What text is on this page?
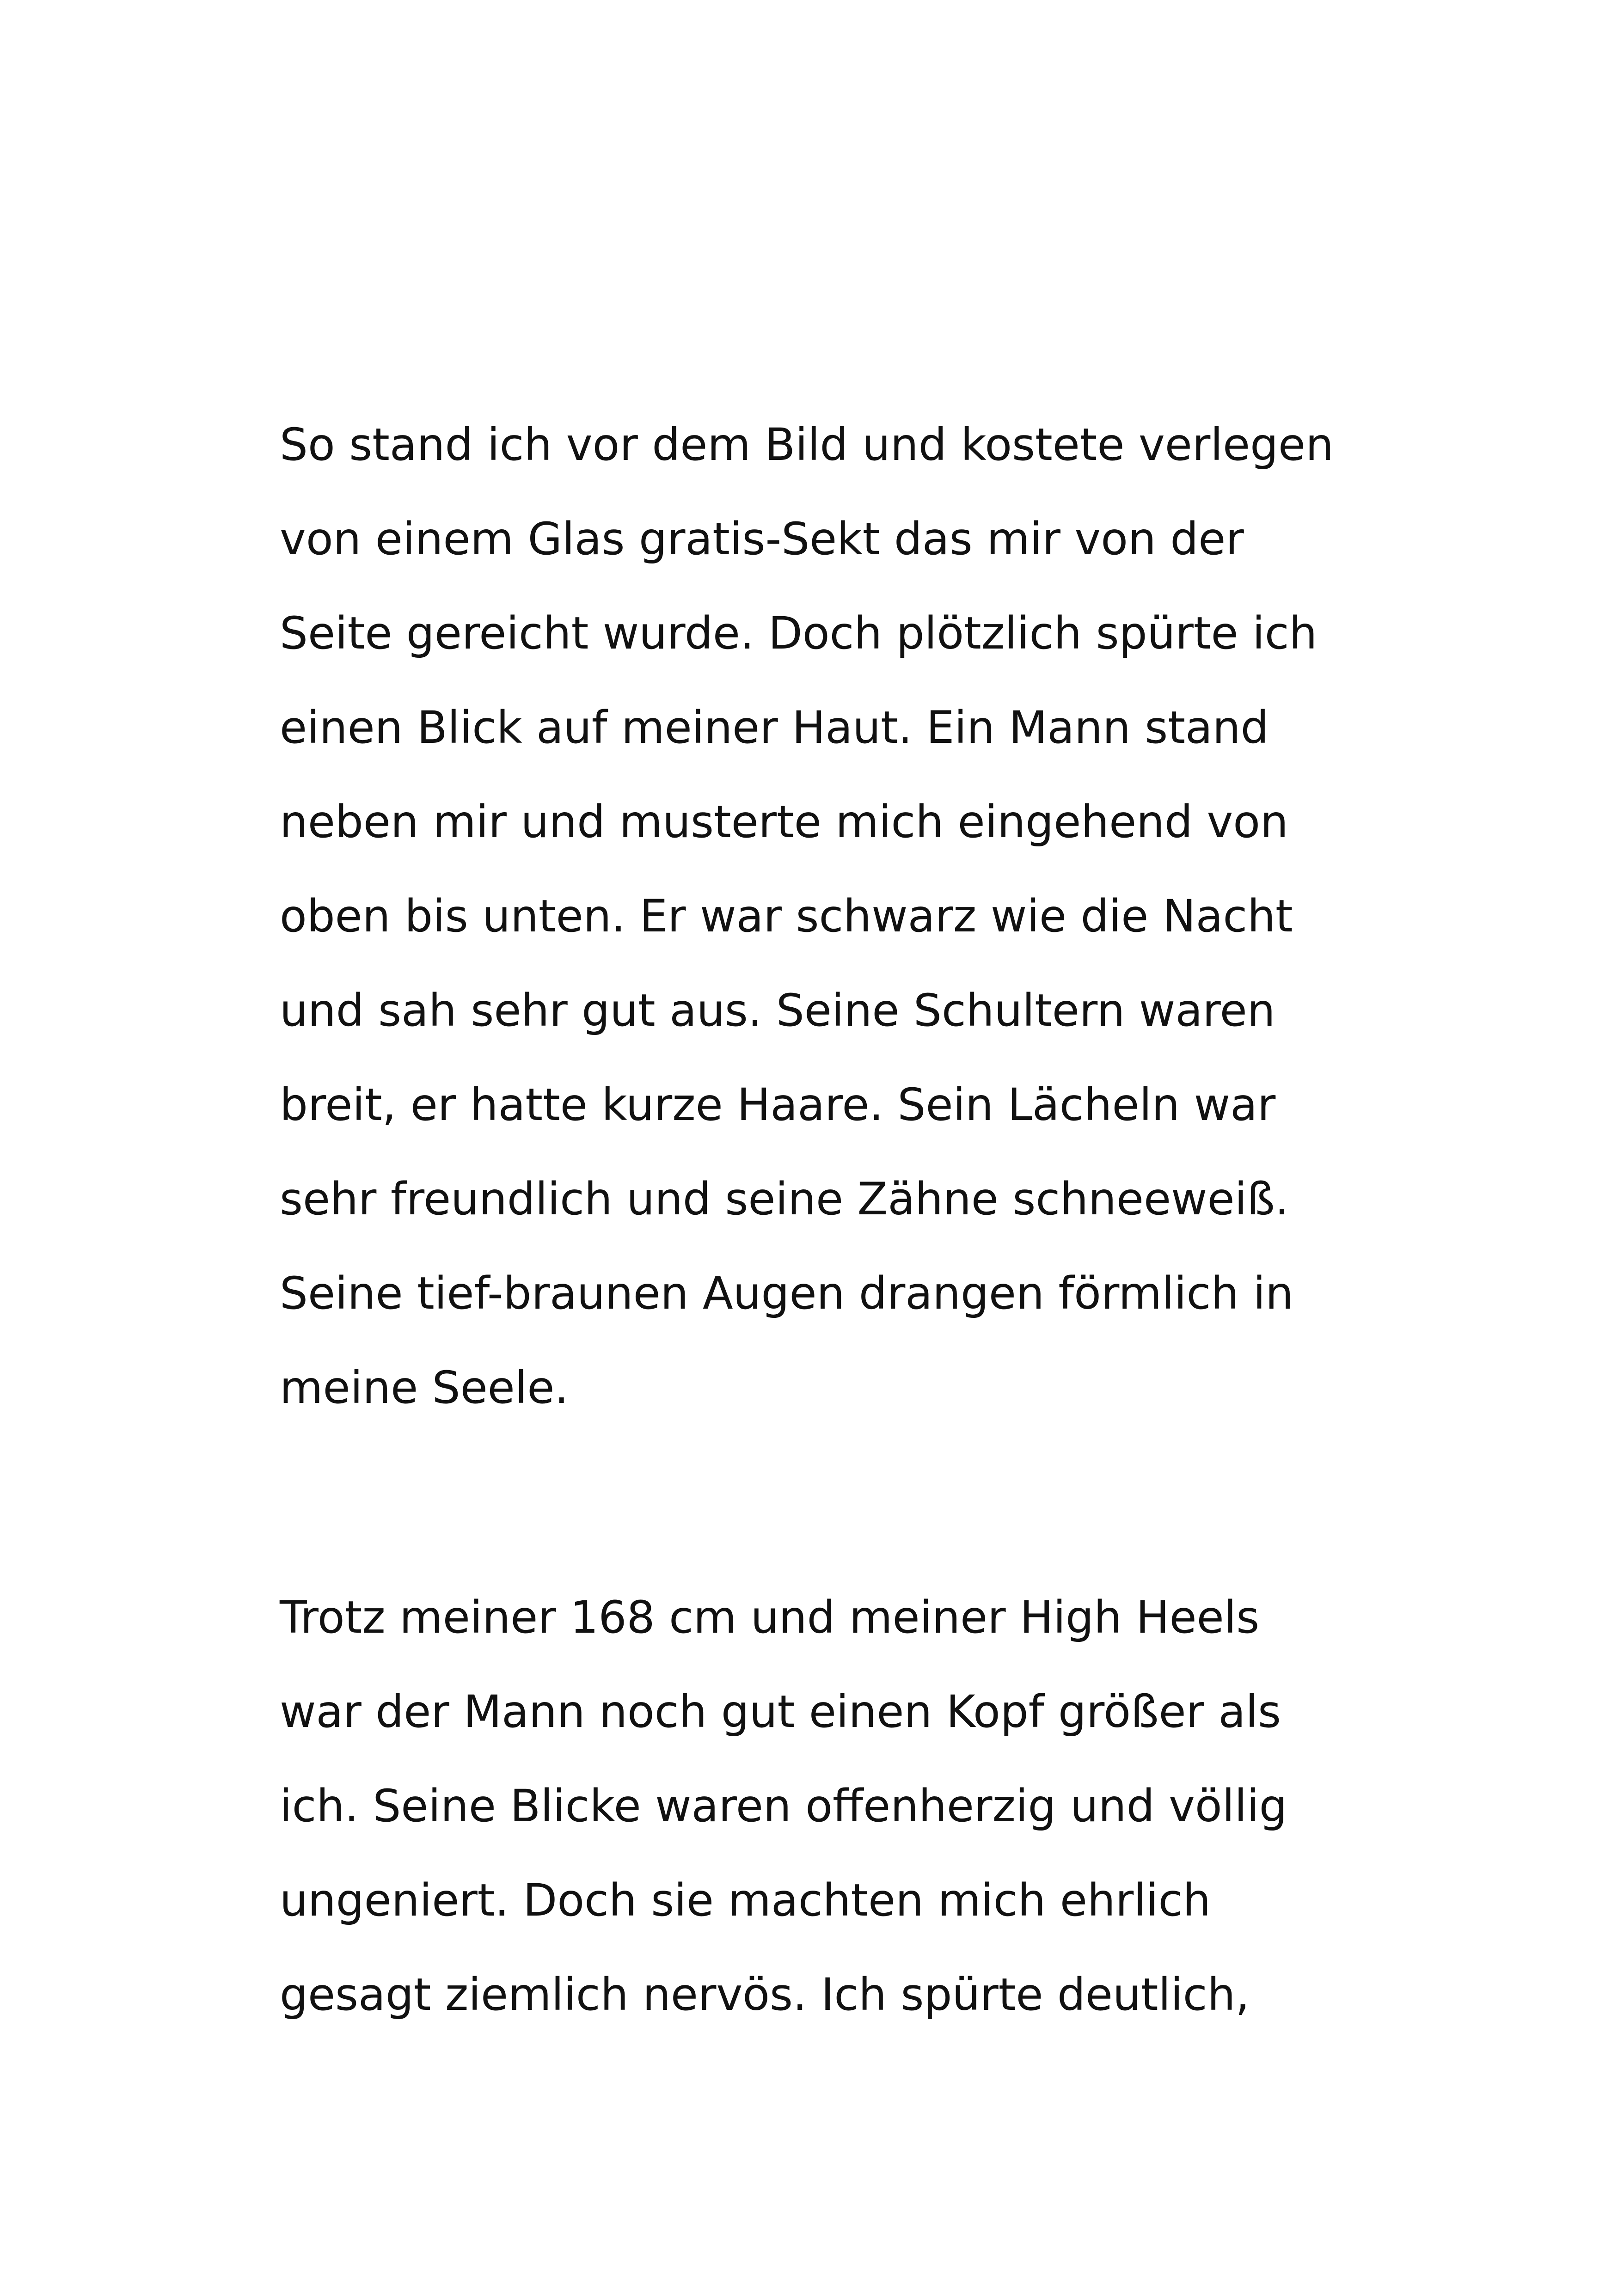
So stand ich vor dem Bild und kostete verlegen
von einem Glas gratis-Sekt das mir von der
Seite gereicht wurde. Doch plötzlich spürte ich
einen Blick auf meiner Haut. Ein Mann stand
neben mir und musterte mich eingehend von
oben bis unten. Er war schwarz wie die Nacht
und sah sehr gut aus. Seine Schultern waren
breit, er hatte kurze Haare. Sein Lächeln war
sehr freundlich und seine Zähne schneeweiß.
Seine tief-braunen Augen drangen förmlich in
meine Seele.
Trotz meiner 168 cm und meiner High Heels
war der Mann noch gut einen Kopf größer als
ich. Seine Blicke waren offenherzig und völlig
ungeniert. Doch sie machten mich ehrlich
gesagt ziemlich nervös. Ich spürte deutlich,
